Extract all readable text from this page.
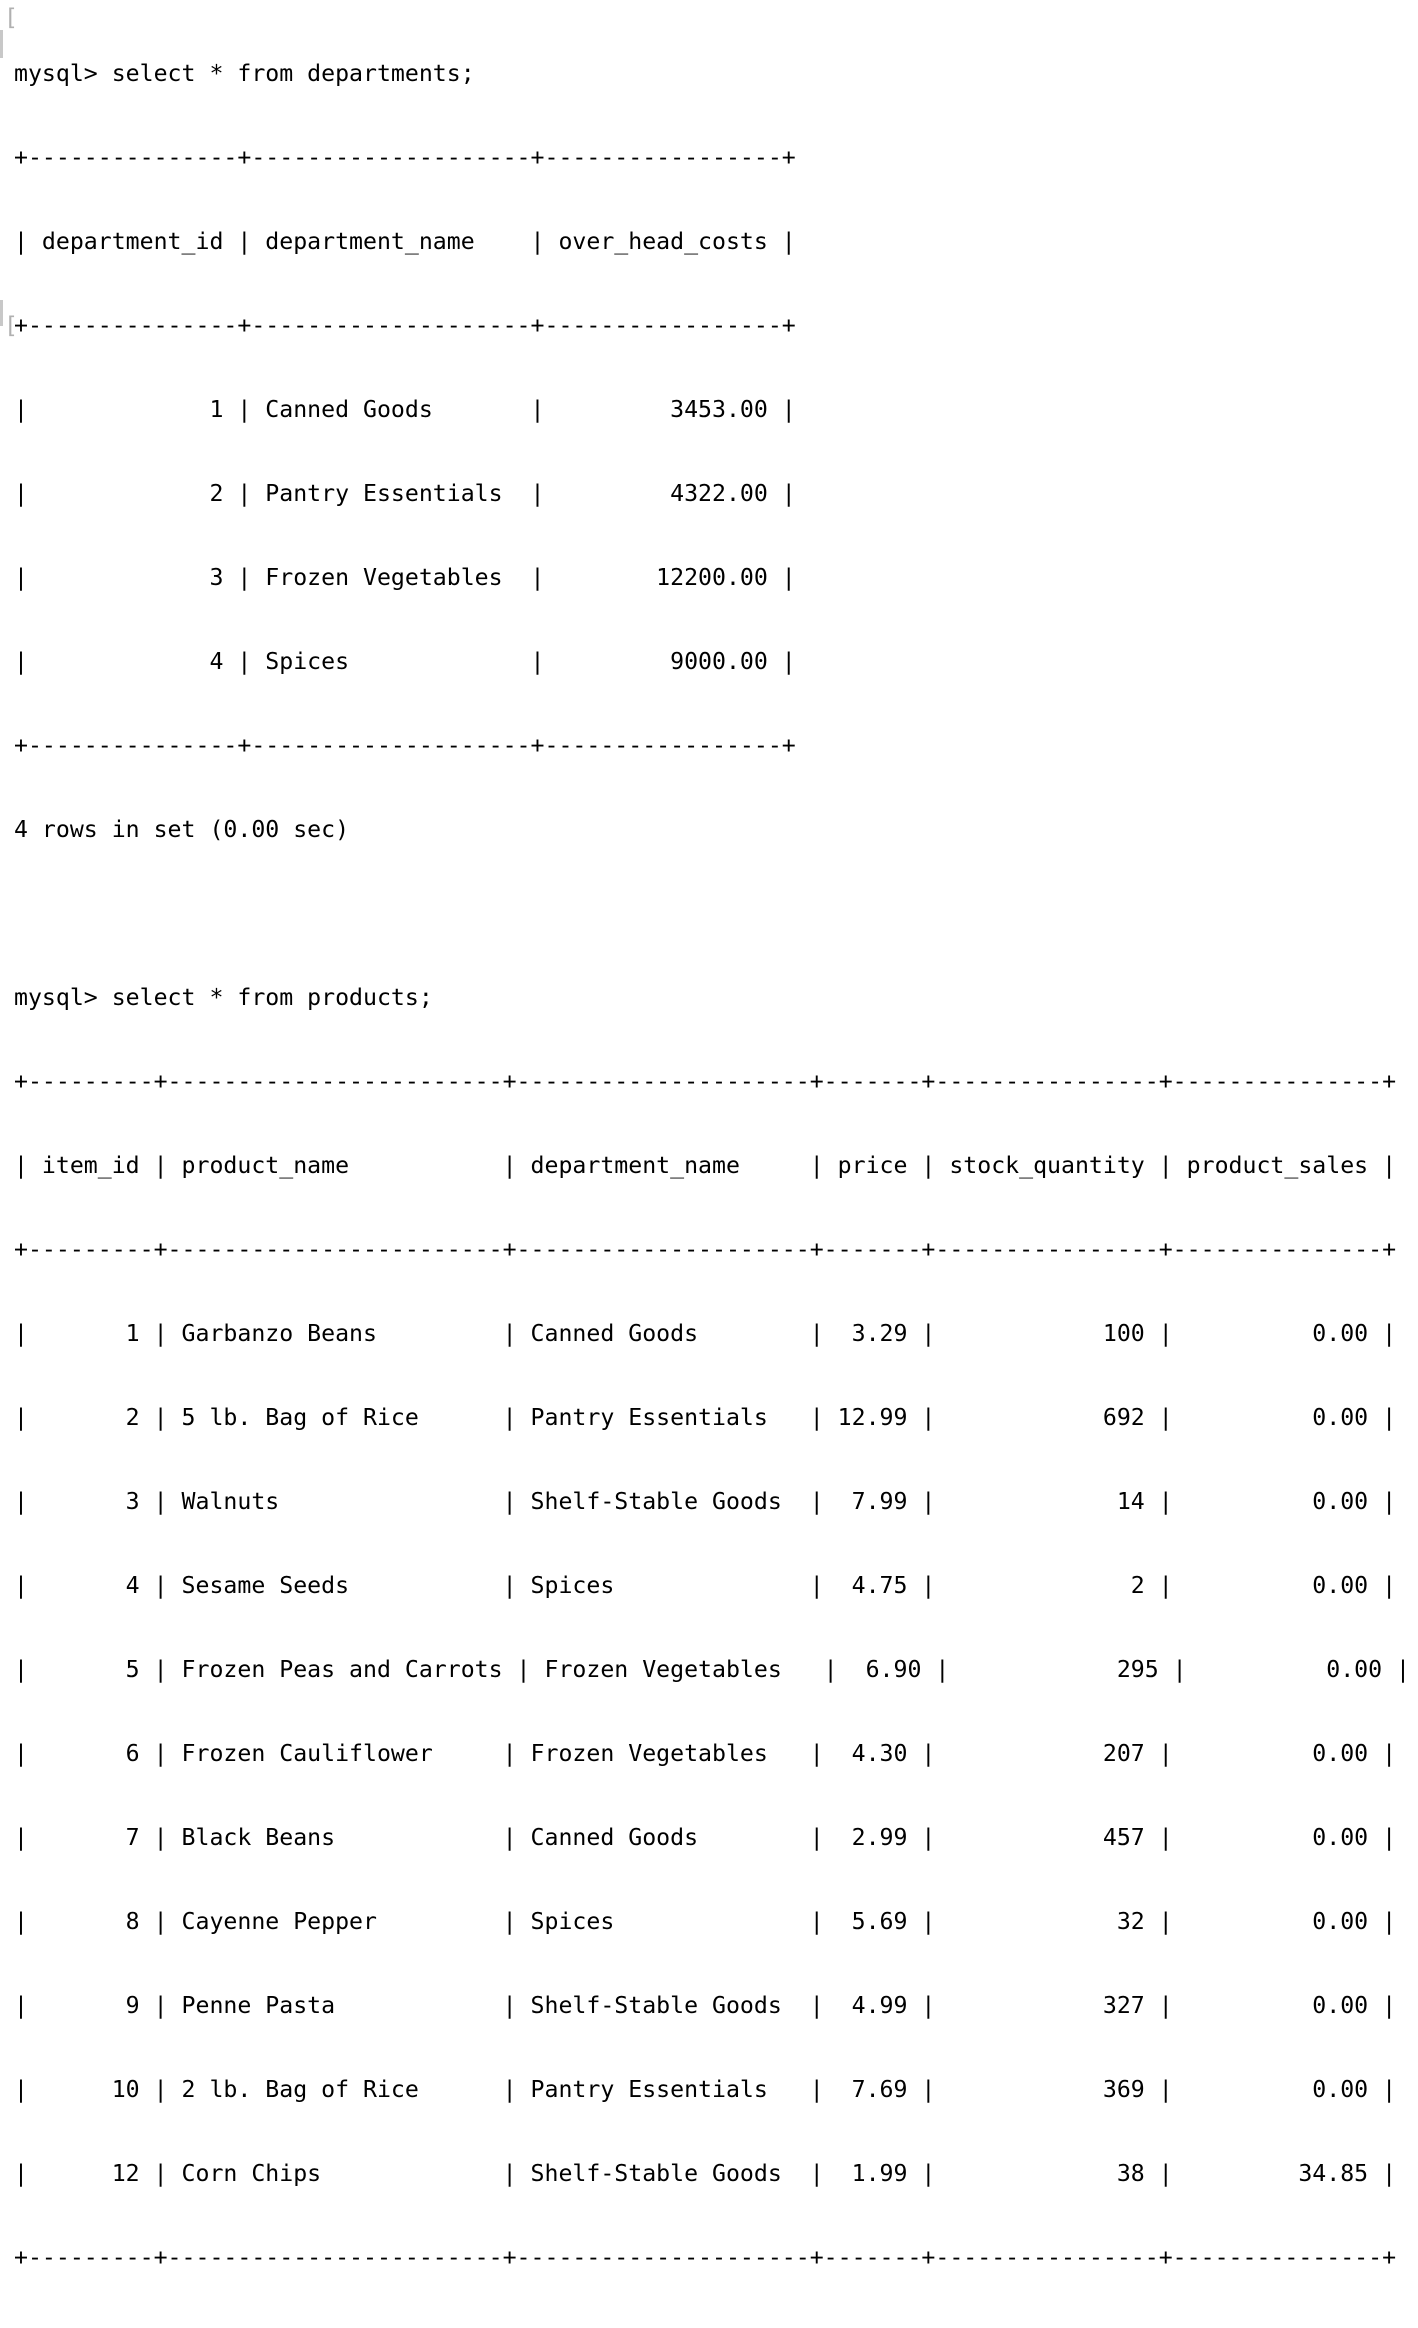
[
[

mysql> select * from departments;

+---------------+--------------------+-----------------+

| department_id | department_name    | over_head_costs |

+---------------+--------------------+-----------------+

|             1 | Canned Goods       |         3453.00 |

|             2 | Pantry Essentials  |         4322.00 |

|             3 | Frozen Vegetables  |        12200.00 |

|             4 | Spices             |         9000.00 |

+---------------+--------------------+-----------------+

4 rows in set (0.00 sec)

mysql> select * from products;

+---------+------------------------+---------------------+-------+----------------+---------------+

| item_id | product_name           | department_name     | price | stock_quantity | product_sales |

+---------+------------------------+---------------------+-------+----------------+---------------+

|       1 | Garbanzo Beans         | Canned Goods        |  3.29 |            100 |          0.00 |

|       2 | 5 lb. Bag of Rice      | Pantry Essentials   | 12.99 |            692 |          0.00 |

|       3 | Walnuts                | Shelf-Stable Goods  |  7.99 |             14 |          0.00 |

|       4 | Sesame Seeds           | Spices              |  4.75 |              2 |          0.00 |

|       5 | Frozen Peas and Carrots | Frozen Vegetables   |  6.90 |            295 |          0.00 |

|       6 | Frozen Cauliflower     | Frozen Vegetables   |  4.30 |            207 |          0.00 |

|       7 | Black Beans            | Canned Goods        |  2.99 |            457 |          0.00 |

|       8 | Cayenne Pepper         | Spices              |  5.69 |             32 |          0.00 |

|       9 | Penne Pasta            | Shelf-Stable Goods  |  4.99 |            327 |          0.00 |

|      10 | 2 lb. Bag of Rice      | Pantry Essentials   |  7.69 |            369 |          0.00 |

|      12 | Corn Chips             | Shelf-Stable Goods  |  1.99 |             38 |         34.85 |

+---------+------------------------+---------------------+-------+----------------+---------------+
